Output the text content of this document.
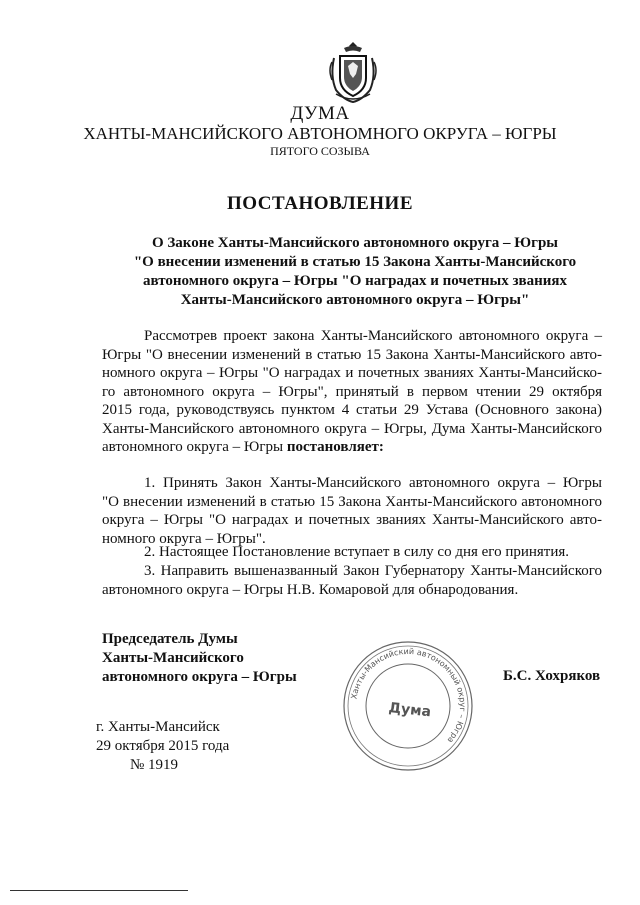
ДУМА
ХАНТЫ-МАНСИЙСКОГО АВТОНОМНОГО ОКРУГА – ЮГРЫ
ПЯТОГО СОЗЫВА
ПОСТАНОВЛЕНИЕ
О Законе Ханты-Мансийского автономного округа – Югры
"О внесении изменений в статью 15 Закона Ханты-Мансийского
автономного округа – Югры "О наградах и почетных званиях
Ханты-Мансийского автономного округа – Югры"
Рассмотрев проект закона Ханты-Мансийского автономного округа –
Югры "О внесении изменений в статью 15 Закона Ханты-Мансийского авто-
номного округа – Югры "О наградах и почетных званиях Ханты-Мансийско-
го автономного округа – Югры", принятый в первом чтении 29 октября
2015 года, руководствуясь пунктом 4 статьи 29 Устава (Основного закона)
Ханты-Мансийского автономного округа – Югры, Дума Ханты-Мансийского
автономного округа – Югры постановляет:
1. Принять Закон Ханты-Мансийского автономного округа – Югры
"О внесении изменений в статью 15 Закона Ханты-Мансийского автономного
округа – Югры "О наградах и почетных званиях Ханты-Мансийского авто-
номного округа – Югры".
2. Настоящее Постановление вступает в силу со дня его принятия.
3. Направить вышеназванный Закон Губернатору Ханты-Мансийского
автономного округа – Югры Н.В. Комаровой для обнародования.
Председатель Думы
Ханты-Мансийского
автономного округа – Югры
Ханты-Мансийский автономный округ – Югра
Дума
Б.С. Хохряков
г. Ханты-Мансийск
29 октября 2015 года
№ 1919
